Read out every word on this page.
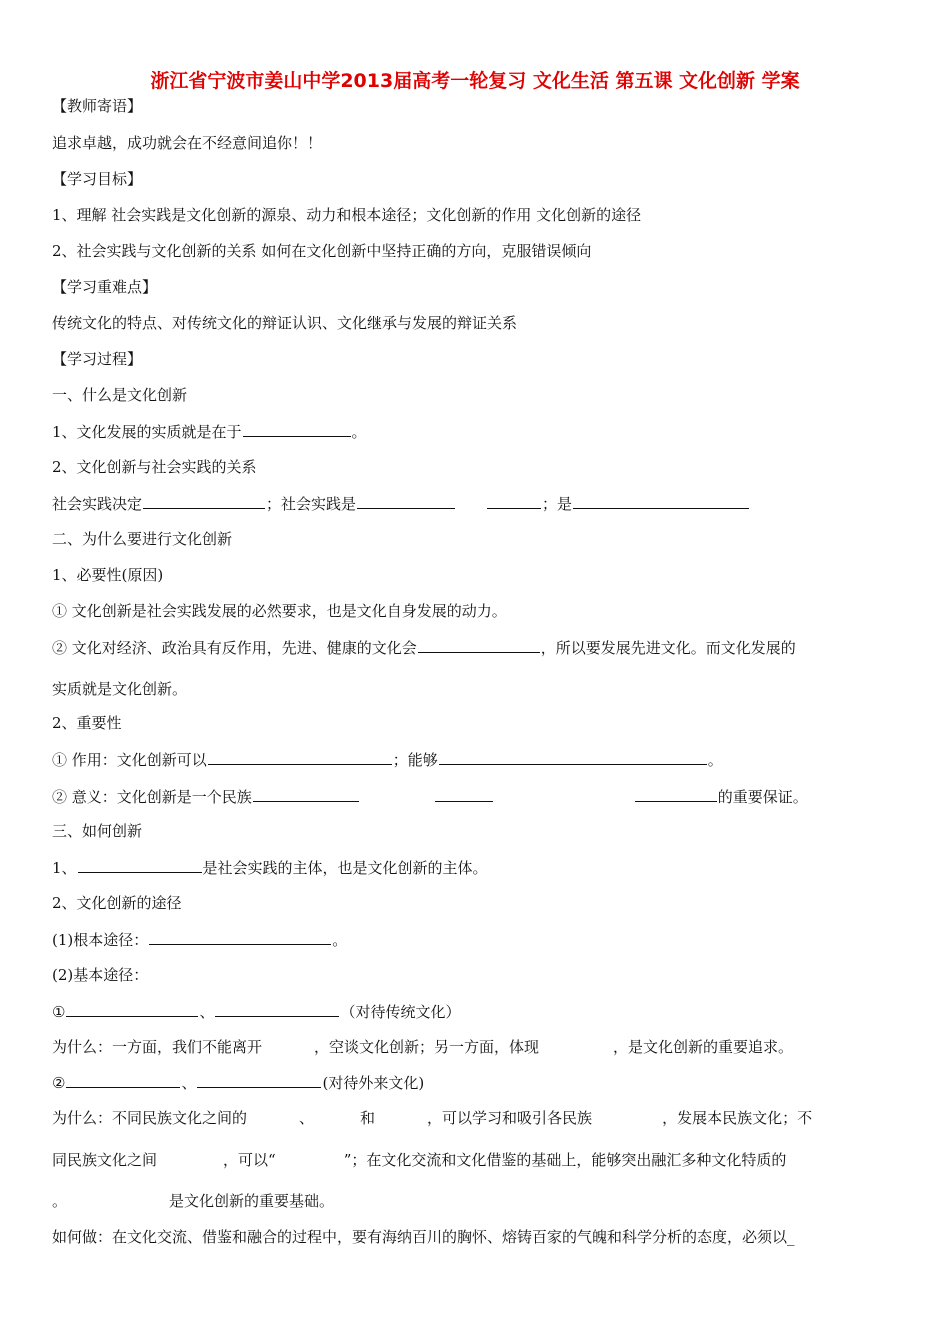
浙江省宁波市姜山中学2013届高考一轮复习 文化生活 第五课 文化创新 学案
【教师寄语】
追求卓越，成功就会在不经意间追你！！
【学习目标】
1、理解 社会实践是文化创新的源泉、动力和根本途径；文化创新的作用 文化创新的途径
2、社会实践与文化创新的关系 如何在文化创新中坚持正确的方向，克服错误倾向
【学习重难点】
传统文化的特点、对传统文化的辩证认识、文化继承与发展的辩证关系
【学习过程】
一、什么是文化创新
1、文化发展的实质就是在于	。
2、文化创新与社会实践的关系
社会实践决定	；社会实践是	；是
二、为什么要进行文化创新
1、必要性(原因)
① 文化创新是社会实践发展的必然要求，也是文化自身发展的动力。
② 文化对经济、政治具有反作用，先进、健康的文化会	，所以要发展先进文化。而文化发展的
实质就是文化创新。
2、重要性
① 作用：文化创新可以	；能够	。
② 意义：文化创新是一个民族	的重要保证。
三、如何创新
1、	是社会实践的主体，也是文化创新的主体。
2、文化创新的途径
(1)根本途径：	。
(2)基本途径：
①	、	（对待传统文化）
为什么：一方面，我们不能离开	，空谈文化创新；另一方面，体现	，是文化创新的重要追求。
②	、	(对待外来文化)
为什么：不同民族文化之间的	、	和	，可以学习和吸引各民族	，发展本民族文化；不
同民族文化之间	，可以“	”；在文化交流和文化借鉴的基础上，能够突出融汇多种文化特质的
。	是文化创新的重要基础。
如何做：在文化交流、借鉴和融合的过程中，要有海纳百川的胸怀、熔铸百家的气魄和科学分析的态度，必须以_
